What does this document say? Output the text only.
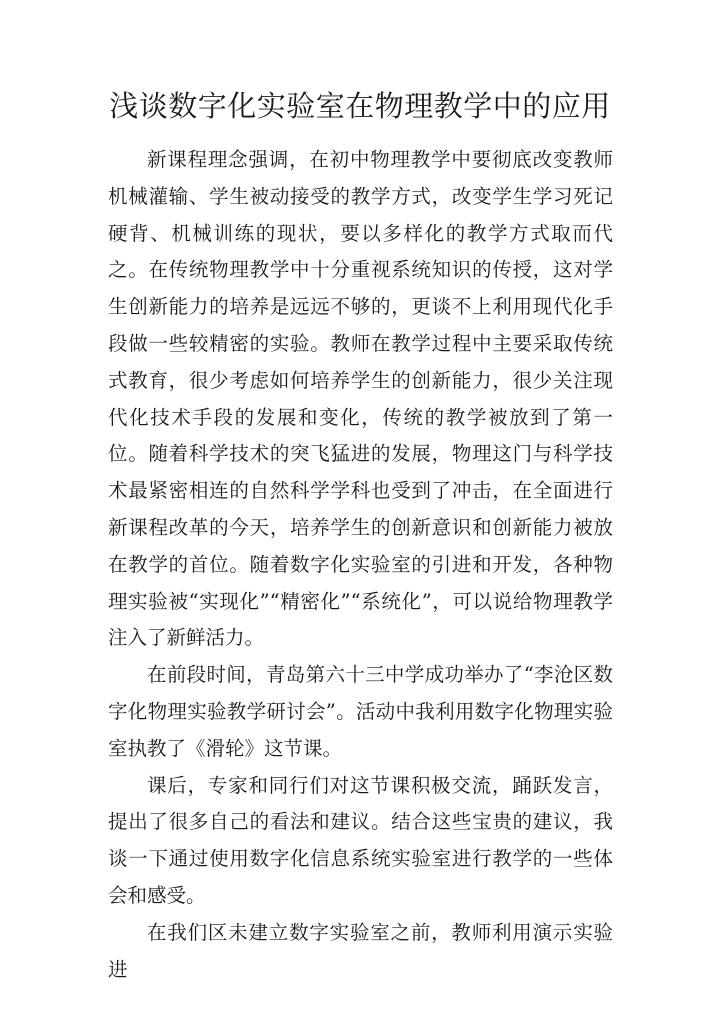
浅谈数字化实验室在物理教学中的应用

新课程理念强调，在初中物理教学中要彻底改变教师机械灌输、学生被动接受的教学方式，改变学生学习死记硬背、机械训练的现状，要以多样化的教学方式取而代之。在传统物理教学中十分重视系统知识的传授，这对学生创新能力的培养是远远不够的，更谈不上利用现代化手段做一些较精密的实验。教师在教学过程中主要采取传统式教育，很少考虑如何培养学生的创新能力，很少关注现代化技术手段的发展和变化，传统的教学被放到了第一位。随着科学技术的突飞猛进的发展，物理这门与科学技术最紧密相连的自然科学学科也受到了冲击，在全面进行新课程改革的今天，培养学生的创新意识和创新能力被放在教学的首位。随着数字化实验室的引进和开发，各种物理实验被“实现化”“精密化”“系统化”，可以说给物理教学注入了新鲜活力。

在前段时间，青岛第六十三中学成功举办了“李沧区数字化物理实验教学研讨会”。活动中我利用数字化物理实验室执教了《滑轮》这节课。

课后，专家和同行们对这节课积极交流，踊跃发言，提出了很多自己的看法和建议。结合这些宝贵的建议，我谈一下通过使用数字化信息系统实验室进行教学的一些体会和感受。

在我们区未建立数字实验室之前，教师利用演示实验进
